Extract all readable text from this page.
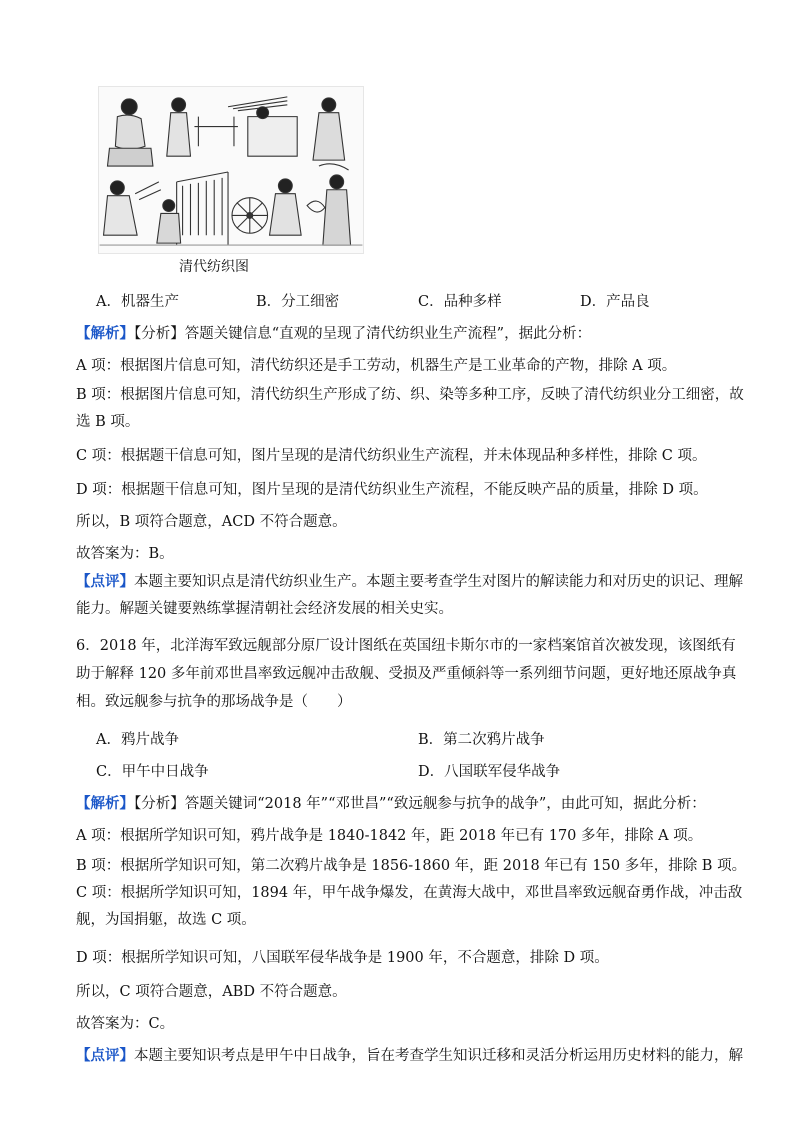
清代纺织图
A．机器生产	B．分工细密	C．品种多样	D．产品良
【解析】【分析】答题关键信息“直观的呈现了清代纺织业生产流程”，据此分析：
A 项：根据图片信息可知，清代纺织还是手工劳动，机器生产是工业革命的产物，排除 A 项。
B 项：根据图片信息可知，清代纺织生产形成了纺、织、染等多种工序，反映了清代纺织业分工细密，故选 B 项。
C 项：根据题干信息可知，图片呈现的是清代纺织业生产流程，并未体现品种多样性，排除 C 项。
D 项：根据题干信息可知，图片呈现的是清代纺织业生产流程，不能反映产品的质量，排除 D 项。
所以，B 项符合题意，ACD 不符合题意。
故答案为：B。
【点评】本题主要知识点是清代纺织业生产。本题主要考查学生对图片的解读能力和对历史的识记、理解能力。解题关键要熟练掌握清朝社会经济发展的相关史实。
6．2018 年，北洋海军致远舰部分原厂设计图纸在英国纽卡斯尔市的一家档案馆首次被发现，该图纸有助于解释 120 多年前邓世昌率致远舰冲击敌舰、受损及严重倾斜等一系列细节问题，更好地还原战争真相。致远舰参与抗争的那场战争是（　　）
A．鸦片战争	B．第二次鸦片战争
C．甲午中日战争	D．八国联军侵华战争
【解析】【分析】答题关键词“2018 年”“邓世昌”“致远舰参与抗争的战争”，由此可知，据此分析：
A 项：根据所学知识可知，鸦片战争是 1840-1842 年，距 2018 年已有 170 多年，排除 A 项。
B 项：根据所学知识可知，第二次鸦片战争是 1856-1860 年，距 2018 年已有 150 多年，排除 B 项。
C 项：根据所学知识可知，1894 年，甲午战争爆发，在黄海大战中，邓世昌率致远舰奋勇作战，冲击敌舰，为国捐躯，故选 C 项。
D 项：根据所学知识可知，八国联军侵华战争是 1900 年，不合题意，排除 D 项。
所以，C 项符合题意，ABD 不符合题意。
故答案为：C。
【点评】本题主要知识考点是甲午中日战争，旨在考查学生知识迁移和灵活分析运用历史材料的能力，解
